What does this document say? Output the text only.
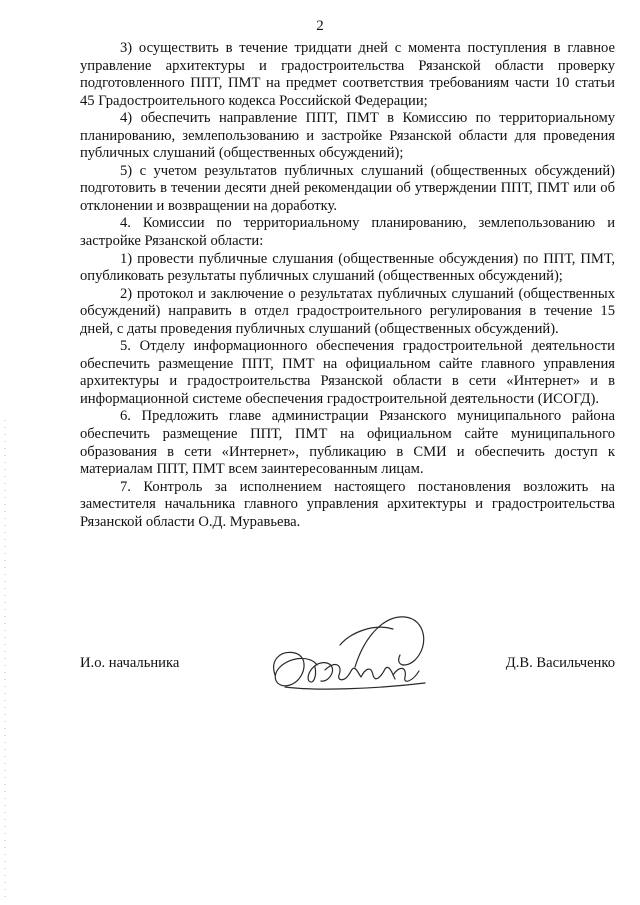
2

3) осуществить в течение тридцати дней с момента поступления в главное управление архитектуры и градостроительства Рязанской области проверку подготовленного ППТ, ПМТ на предмет соответствия требованиям части 10 статьи 45 Градостроительного кодекса Российской Федерации;

4) обеспечить направление ППТ, ПМТ в Комиссию по территориальному планированию, землепользованию и застройке Рязанской области для проведения публичных слушаний (общественных обсуждений);

5) с учетом результатов публичных слушаний (общественных обсуждений) подготовить в течении десяти дней рекомендации об утверждении ППТ, ПМТ или об отклонении и возвращении на доработку.

4. Комиссии по территориальному планированию, землепользованию и застройке Рязанской области:

1) провести публичные слушания (общественные обсуждения) по ППТ, ПМТ, опубликовать результаты публичных слушаний (общественных обсуждений);

2) протокол и заключение о результатах публичных слушаний (общественных обсуждений) направить в отдел градостроительного регулирования в течение 15 дней, с даты проведения публичных слушаний (общественных обсуждений).

5. Отделу информационного обеспечения градостроительной деятельности обеспечить размещение ППТ, ПМТ на официальном сайте главного управления архитектуры и градостроительства Рязанской области в сети «Интернет» и в информационной системе обеспечения градостроительной деятельности (ИСОГД).

6. Предложить главе администрации Рязанского муниципального района обеспечить размещение ППТ, ПМТ на официальном сайте муниципального образования в сети «Интернет», публикацию в СМИ и обеспечить доступ к материалам ППТ, ПМТ всем заинтересованным лицам.

7. Контроль за исполнением настоящего постановления возложить на заместителя начальника главного управления архитектуры и градостроительства Рязанской области О.Д. Муравьева.

И.о. начальника	Д.В. Васильченко
